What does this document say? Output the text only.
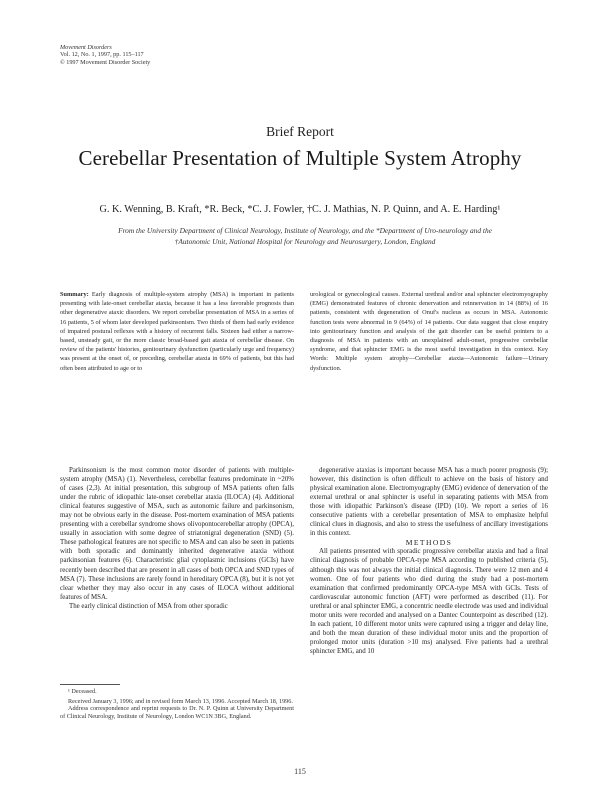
Movement Disorders
Vol. 12, No. 1, 1997, pp. 115–117
© 1997 Movement Disorder Society
Brief Report
Cerebellar Presentation of Multiple System Atrophy
G. K. Wenning, B. Kraft, *R. Beck, *C. J. Fowler, †C. J. Mathias, N. P. Quinn, and A. E. Harding¹
From the University Department of Clinical Neurology, Institute of Neurology, and the *Department of Uro-neurology and the
†Autonomic Unit, National Hospital for Neurology and Neurosurgery, London, England
Summary: Early diagnosis of multiple-system atrophy (MSA) is important in patients presenting with late-onset cerebellar ataxia, because it has a less favorable prognosis than other degenerative ataxic disorders. We report cerebellar presentation of MSA in a series of 16 patients, 5 of whom later developed parkinsonism. Two thirds of them had early evidence of impaired postural reflexes with a history of recurrent falls. Sixteen had either a narrow-based, unsteady gait, or the more classic broad-based gait ataxia of cerebellar disease. On review of the patients' histories, genitourinary dysfunction (particularly urge and frequency) was present at the onset of, or preceding, cerebellar ataxia in 69% of patients, but this had often been attributed to age or to
urological or gynecological causes. External urethral and/or anal sphincter electromyography (EMG) demonstrated features of chronic denervation and reinnervation in 14 (88%) of 16 patients, consistent with degeneration of Onuf's nucleus as occurs in MSA. Autonomic function tests were abnormal in 9 (64%) of 14 patients. Our data suggest that close enquiry into genitourinary function and analysis of the gait disorder can be useful pointers to a diagnosis of MSA in patients with an unexplained adult-onset, progressive cerebellar syndrome, and that sphincter EMG is the most useful investigation in this context. Key Words: Multiple system atrophy—Cerebellar ataxia—Autonomic failure—Urinary dysfunction.

Parkinsonism is the most common motor disorder of patients with multiple-system atrophy (MSA) (1). Nevertheless, cerebellar features predominate in ~20% of cases (2,3). At initial presentation, this subgroup of MSA patients often falls under the rubric of idiopathic late-onset cerebellar ataxia (ILOCA) (4). Additional clinical features suggestive of MSA, such as autonomic failure and parkinsonism, may not be obvious early in the disease. Post-mortem examination of MSA patients presenting with a cerebellar syndrome shows olivopontocerebellar atrophy (OPCA), usually in association with some degree of striatonigral degeneration (SND) (5). These pathological features are not specific to MSA and can also be seen in patients with both sporadic and dominantly inherited degenerative ataxia without parkinsonian features (6). Characteristic glial cytoplasmic inclusions (GCIs) have recently been described that are present in all cases of both OPCA and SND types of MSA (7). These inclusions are rarely found in hereditary OPCA (8), but it is not yet clear whether they may also occur in any cases of ILOCA without additional features of MSA.

The early clinical distinction of MSA from other sporadic

degenerative ataxias is important because MSA has a much poorer prognosis (9); however, this distinction is often difficult to achieve on the basis of history and physical examination alone. Electromyography (EMG) evidence of denervation of the external urethral or anal sphincter is useful in separating patients with MSA from those with idiopathic Parkinson's disease (IPD) (10). We report a series of 16 consecutive patients with a cerebellar presentation of MSA to emphasize helpful clinical clues in diagnosis, and also to stress the usefulness of ancillary investigations in this context.

METHODS

All patients presented with sporadic progressive cerebellar ataxia and had a final clinical diagnosis of probable OPCA-type MSA according to published criteria (5), although this was not always the initial clinical diagnosis. There were 12 men and 4 women. One of four patients who died during the study had a post-mortem examination that confirmed predominantly OPCA-type MSA with GCIs. Tests of cardiovascular autonomic function (AFT) were performed as described (11). For urethral or anal sphincter EMG, a concentric needle electrode was used and individual motor units were recorded and analysed on a Dantec Counterpoint as described (12). In each patient, 10 different motor units were captured using a trigger and delay line, and both the mean duration of these individual motor units and the proportion of prolonged motor units (duration >10 ms) analysed. Five patients had a urethral sphincter EMG, and 10

¹ Deceased.

Received January 3, 1996; and in revised form March 13, 1996. Accepted March 18, 1996.

Address correspondence and reprint requests to Dr. N. P. Quinn at University Department of Clinical Neurology, Institute of Neurology, London WC1N 3BG, England.

115
